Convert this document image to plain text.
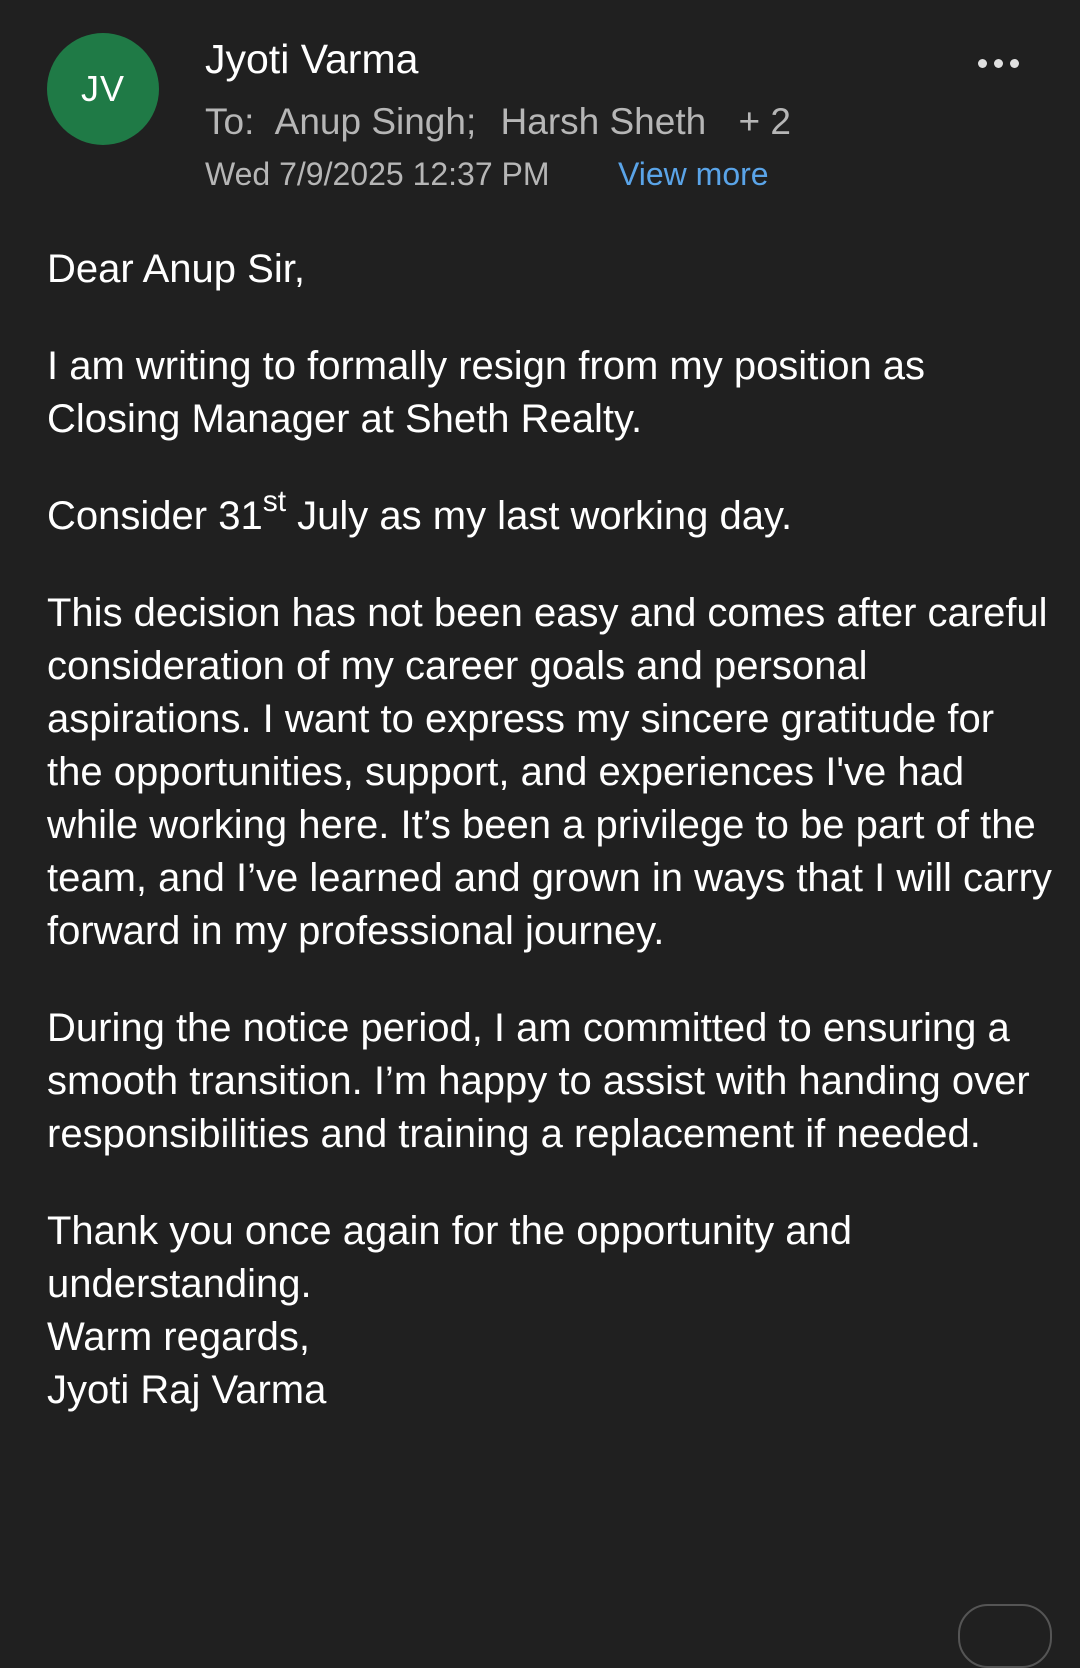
JV
Jyoti Varma
To: Anup Singh; Harsh Sheth + 2
Wed 7/9/2025 12:37 PM View more

Dear Anup Sir,

I am writing to formally resign from my position as Closing Manager at Sheth Realty.

Consider 31st July as my last working day.

This decision has not been easy and comes after careful consideration of my career goals and personal aspirations. I want to express my sincere gratitude for the opportunities, support, and experiences I've had while working here. It’s been a privilege to be part of the team, and I’ve learned and grown in ways that I will carry forward in my professional journey.

During the notice period, I am committed to ensuring a smooth transition. I’m happy to assist with handing over responsibilities and training a replacement if needed.

Thank you once again for the opportunity and understanding.

Warm regards,

Jyoti Raj Varma
